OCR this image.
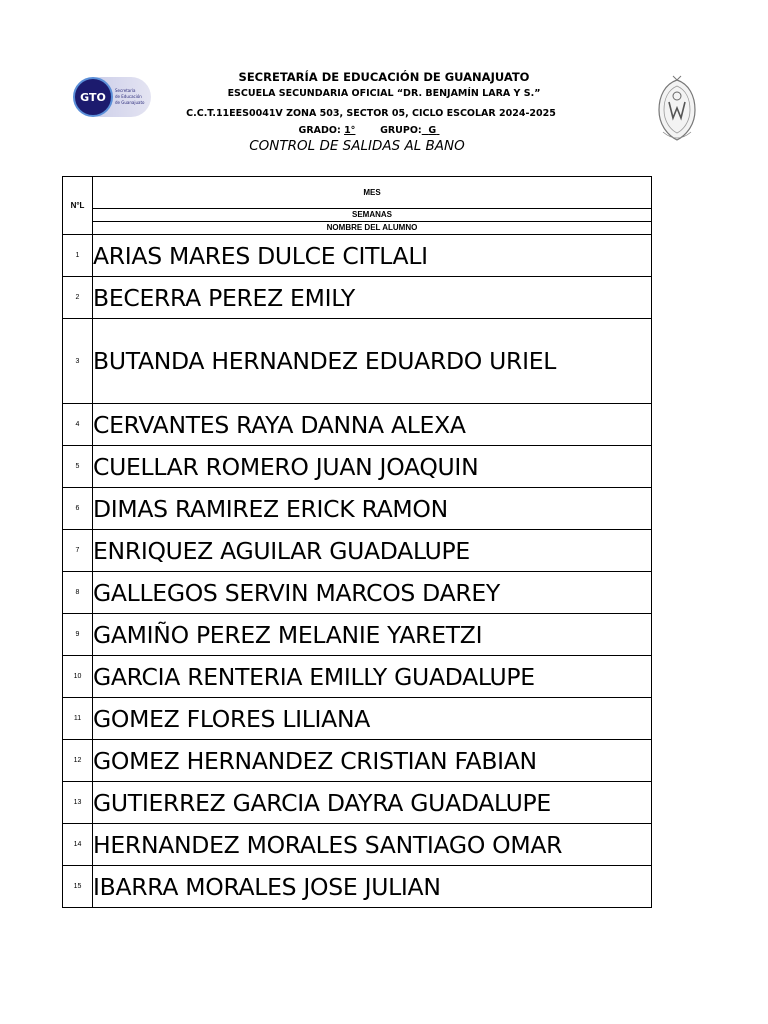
GTO
Secretaría
de Educación
de Guanajuato
SECRETARÍA DE EDUCACIÓN DE GUANAJUATO
ESCUELA SECUNDARIA OFICIAL “DR. BENJAMÍN LARA Y S.”
C.C.T.11EES0041V ZONA 503, SECTOR 05, CICLO ESCOLAR 2024-2025
GRADO: 1°	GRUPO: G
CONTROL DE SALIDAS AL BANO
N°L	MES
	SEMANAS
	NOMBRE DEL ALUMNO
1	ARIAS MARES DULCE CITLALI
2	BECERRA PEREZ EMILY
3	BUTANDA HERNANDEZ EDUARDO URIEL
4	CERVANTES RAYA DANNA ALEXA
5	CUELLAR ROMERO JUAN JOAQUIN
6	DIMAS RAMIREZ ERICK RAMON
7	ENRIQUEZ AGUILAR GUADALUPE
8	GALLEGOS SERVIN MARCOS DAREY
9	GAMIÑO PEREZ MELANIE YARETZI
10	GARCIA RENTERIA EMILLY GUADALUPE
11	GOMEZ FLORES LILIANA
12	GOMEZ HERNANDEZ CRISTIAN FABIAN
13	GUTIERREZ GARCIA DAYRA GUADALUPE
14	HERNANDEZ MORALES SANTIAGO OMAR
15	IBARRA MORALES JOSE JULIAN
